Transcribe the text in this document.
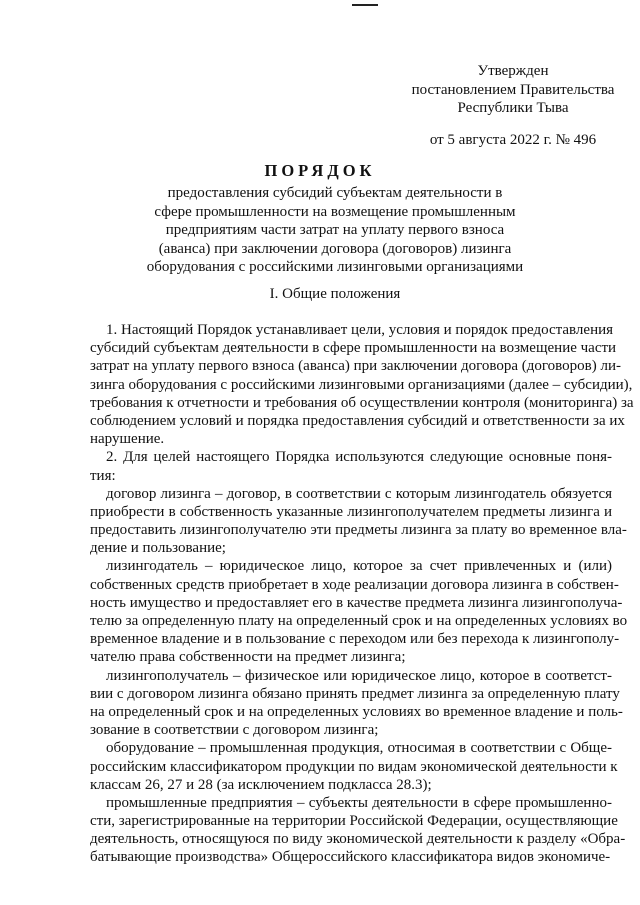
Утвержден
постановлением Правительства
Республики Тыва
от 5 августа 2022 г. № 496
ПОРЯДОК
предоставления субсидий субъектам деятельности в
сфере промышленности на возмещение промышленным
предприятиям части затрат на уплату первого взноса
(аванса) при заключении договора (договоров) лизинга
оборудования с российскими лизинговыми организациями
I. Общие положения
1. Настоящий Порядок устанавливает цели, условия и порядок предоставления
субсидий субъектам деятельности в сфере промышленности на возмещение части
затрат на уплату первого взноса (аванса) при заключении договора (договоров) ли-
зинга оборудования с российскими лизинговыми организациями (далее – субсидии),
требования к отчетности и требования об осуществлении контроля (мониторинга) за
соблюдением условий и порядка предоставления субсидий и ответственности за их
нарушение.
2. Для целей настоящего Порядка используются следующие основные поня-
тия:
договор лизинга – договор, в соответствии с которым лизингодатель обязуется
приобрести в собственность указанные лизингополучателем предметы лизинга и
предоставить лизингополучателю эти предметы лизинга за плату во временное вла-
дение и пользование;
лизингодатель – юридическое лицо, которое за счет привлеченных и (или)
собственных средств приобретает в ходе реализации договора лизинга в собствен-
ность имущество и предоставляет его в качестве предмета лизинга лизингополуча-
телю за определенную плату на определенный срок и на определенных условиях во
временное владение и в пользование с переходом или без перехода к лизингополу-
чателю права собственности на предмет лизинга;
лизингополучатель – физическое или юридическое лицо, которое в соответст-
вии с договором лизинга обязано принять предмет лизинга за определенную плату
на определенный срок и на определенных условиях во временное владение и поль-
зование в соответствии с договором лизинга;
оборудование – промышленная продукция, относимая в соответствии с Обще-
российским классификатором продукции по видам экономической деятельности к
классам 26, 27 и 28 (за исключением подкласса 28.3);
промышленные предприятия – субъекты деятельности в сфере промышленно-
сти, зарегистрированные на территории Российской Федерации, осуществляющие
деятельность, относящуюся по виду экономической деятельности к разделу «Обра-
батывающие производства» Общероссийского классификатора видов экономиче-
